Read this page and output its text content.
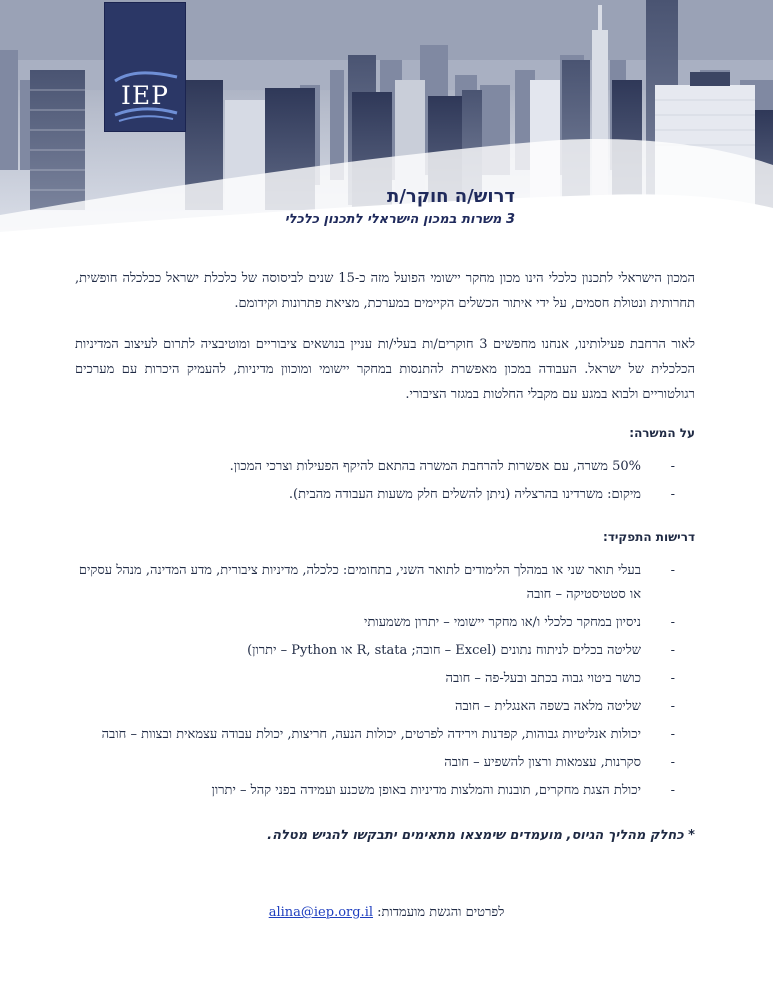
IEP
דרוש/ה חוקר/ת
3 משרות במכון הישראלי לתכנון כלכלי

המכון הישראלי לתכנון כלכלי הינו מכון מחקר יישומי הפועל מזה כ-15 שנים לביסוסה של כלכלת ישראל ככלכלה חופשית, תחרותית ונטולת חסמים, על ידי איתור הכשלים הקיימים במערכת, מציאת פתרונות וקידומם.

לאור הרחבת פעילותינו, אנחנו מחפשים 3 חוקרים/ות בעלי/ות עניין בנושאים ציבוריים ומוטיבציה לתרום לעיצוב המדיניות הכלכלית של ישראל. העבודה במכון מאפשרת להתנסות במחקר יישומי ומוכוון מדיניות, להעמיק היכרות עם מערכים רגולטוריים ולבוא במגע עם מקבלי החלטות במגזר הציבורי.

על המשרה:
- 50% משרה, עם אפשרות להרחבת המשרה בהתאם להיקף הפעילות וצרכי המכון.
- מיקום: משרדינו בהרצליה (ניתן להשלים חלק משעות העבודה מהבית).
דרישות התפקיד:
- בעלי תואר שני או במהלך הלימודים לתואר השני, בתחומים: כלכלה, מדיניות ציבורית, מדע המדינה, מנהל עסקים או סטטיסטיקה – חובה
- ניסיון במחקר כלכלי ו/או מחקר יישומי – יתרון משמעותי
- שליטה בכלים לניתוח נתונים (Excel – חובה; R, stata או Python – יתרון)
- כושר ביטוי גבוה בכתב ובעל-פה – חובה
- שליטה מלאה בשפה האנגלית – חובה
- יכולות אנליטיות גבוהות, קפדנות וירידה לפרטים, יכולות הנעה, חריצות, יכולת עבודה עצמאית ובצוות – חובה
- סקרנות, עצמאות ורצון להשפיע – חובה
- יכולת הצגת מחקרים, תובנות והמלצות מדיניות באופן משכנע ועמידה בפני קהל – יתרון
* כחלק מהליך הגיוס, מועמדים שימצאו מתאימים יתבקשו להגיש מטלה.
לפרטים והגשת מועמדות: alina@iep.org.il
